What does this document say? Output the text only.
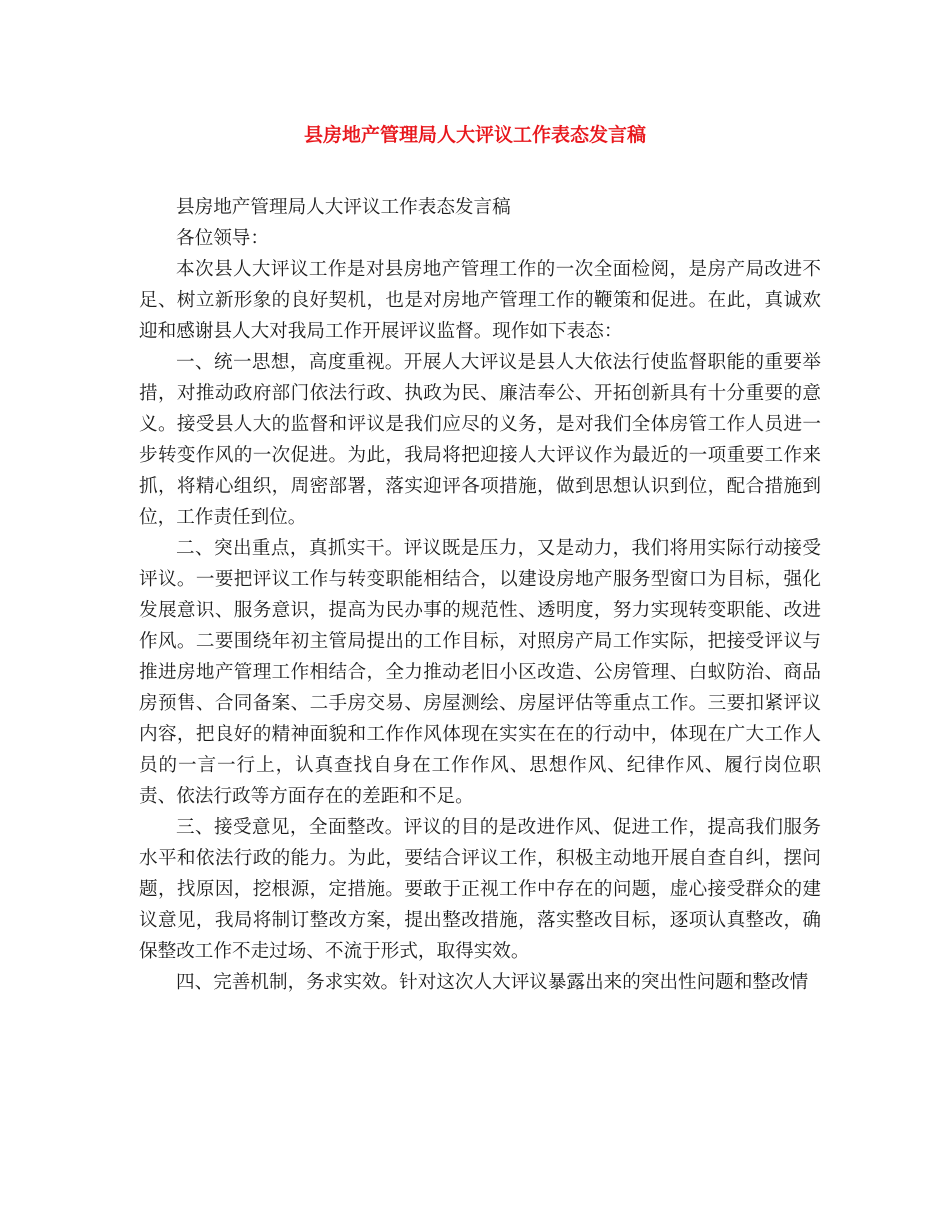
县房地产管理局人大评议工作表态发言稿

县房地产管理局人大评议工作表态发言稿

各位领导：

本次县人大评议工作是对县房地产管理工作的一次全面检阅，是房产局改进不足、树立新形象的良好契机，也是对房地产管理工作的鞭策和促进。在此，真诚欢迎和感谢县人大对我局工作开展评议监督。现作如下表态：

一、统一思想，高度重视。开展人大评议是县人大依法行使监督职能的重要举措，对推动政府部门依法行政、执政为民、廉洁奉公、开拓创新具有十分重要的意义。接受县人大的监督和评议是我们应尽的义务，是对我们全体房管工作人员进一步转变作风的一次促进。为此，我局将把迎接人大评议作为最近的一项重要工作来抓，将精心组织，周密部署，落实迎评各项措施，做到思想认识到位，配合措施到位，工作责任到位。

二、突出重点，真抓实干。评议既是压力，又是动力，我们将用实际行动接受评议。一要把评议工作与转变职能相结合，以建设房地产服务型窗口为目标，强化发展意识、服务意识，提高为民办事的规范性、透明度，努力实现转变职能、改进作风。二要围绕年初主管局提出的工作目标，对照房产局工作实际，把接受评议与推进房地产管理工作相结合，全力推动老旧小区改造、公房管理、白蚁防治、商品房预售、合同备案、二手房交易、房屋测绘、房屋评估等重点工作。三要扣紧评议内容，把良好的精神面貌和工作作风体现在实实在在的行动中，体现在广大工作人员的一言一行上，认真查找自身在工作作风、思想作风、纪律作风、履行岗位职责、依法行政等方面存在的差距和不足。

三、接受意见，全面整改。评议的目的是改进作风、促进工作，提高我们服务水平和依法行政的能力。为此，要结合评议工作，积极主动地开展自查自纠，摆问题，找原因，挖根源，定措施。要敢于正视工作中存在的问题，虚心接受群众的建议意见，我局将制订整改方案，提出整改措施，落实整改目标，逐项认真整改，确保整改工作不走过场、不流于形式，取得实效。

四、完善机制，务求实效。针对这次人大评议暴露出来的突出性问题和整改情
